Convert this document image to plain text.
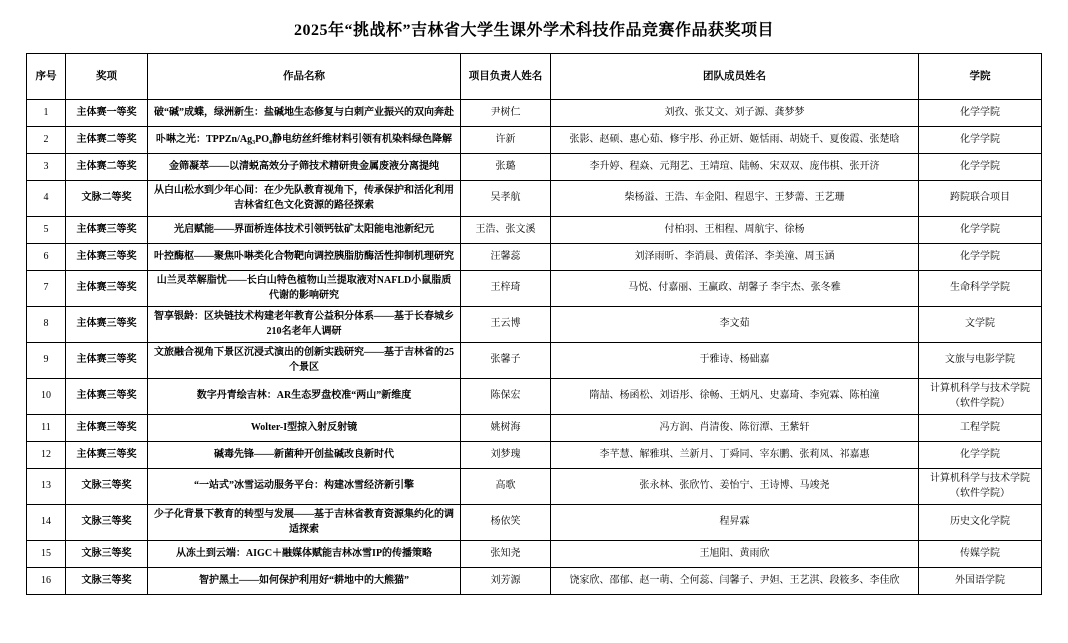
2025年“挑战杯”吉林省大学生课外学术科技作品竞赛作品获奖项目
序号	奖项	作品名称	项目负责人姓名	团队成员姓名	学院
1	主体赛一等奖	破“碱”成蝶，绿洲新生：盐碱地生态修复与白刺产业振兴的双向奔赴	尹树仁	刘孜、张艾文、刘子源、龚梦梦	化学学院
2	主体赛二等奖	卟啉之光：TPPZn/Ag₃PO₄静电纺丝纤维材料引领有机染料绿色降解	许新	张影、赵硕、惠心茹、修宇彤、孙正妍、姬恬雨、胡娆千、夏俊霞、张楚晗	化学学院
3	主体赛二等奖	金筛凝萃——以清蜕高效分子筛技术精研贵金属废液分离提纯	张璐	李升婷、程焱、元翔艺、王靖瑄、陆畅、宋双双、庞伟棋、张开济	化学学院
4	文脉二等奖	从白山松水到少年心间：在少先队教育视角下，传承保护和活化利用吉林省红色文化资源的路径探索	吴孝航	柴杨溢、王浩、车金阳、程恩宇、王梦薷、王艺珊	跨院联合项目
5	主体赛三等奖	光启赋能——界面桥连体技术引领钙钛矿太阳能电池新纪元	王浩、张文溪	付柏羽、王相程、周航宇、徐杨	化学学院
6	主体赛三等奖	叶控酶枢——聚焦卟啉类化合物靶向调控胰脂肪酶活性抑制机理研究	汪馨蕊	刘泽雨昕、李消晨、黄偌泽、李美潼、周玉涵	化学学院
7	主体赛三等奖	山兰灵萃解脂忧——长白山特色植物山兰提取液对NAFLD小鼠脂质代谢的影响研究	王梓琦	马悦、付嘉丽、王赢政、胡馨子 李宇杰、张冬雅	生命科学学院
8	主体赛三等奖	智享银龄：区块链技术构建老年教育公益积分体系——基于长春城乡210名老年人调研	王云博	李文茹	文学院
9	主体赛三等奖	文旅融合视角下景区沉浸式演出的创新实践研究——基于吉林省的25个景区	张馨子	于雅诗、杨础嘉	文旅与电影学院
10	主体赛三等奖	数字丹青绘吉林：AR生态罗盘校准“两山”新维度	陈保宏	隋喆、杨函松、刘语彤、徐畅、王炳凡、史嘉琦、李宛霖、陈柏潼	计算机科学与技术学院（软件学院）
11	主体赛三等奖	Wolter-I型掠入射反射镜	姚树海	冯方润、肖清俊、陈衍潭、王紫轩	工程学院
12	主体赛三等奖	碱毒先锋——新菌种开创盐碱改良新时代	刘梦瑰	李芊慧、解雅琪、兰新月、丁舜同、宰东鹏、张莉凤、祁嘉惠	化学学院
13	文脉三等奖	“一站式”冰雪运动服务平台：构建冰雪经济新引擎	高歌	张永林、张欣竹、姜怡宁、王诗博、马竣尧	计算机科学与技术学院（软件学院）
14	文脉三等奖	少子化背景下教育的转型与发展——基于吉林省教育资源集约化的调适探索	杨依笑	程昇霖	历史文化学院
15	文脉三等奖	从冻土到云端：AIGC＋融媒体赋能吉林冰雪IP的传播策略	张知尧	王旭阳、黄雨欣	传媒学院
16	文脉三等奖	智护黑土——如何保护利用好“耕地中的大熊猫”	刘芳源	饶家欣、邵郁、赵一萌、仝何蕊、闫馨子、尹妲、王艺淇、段筱多、李佳欣	外国语学院
